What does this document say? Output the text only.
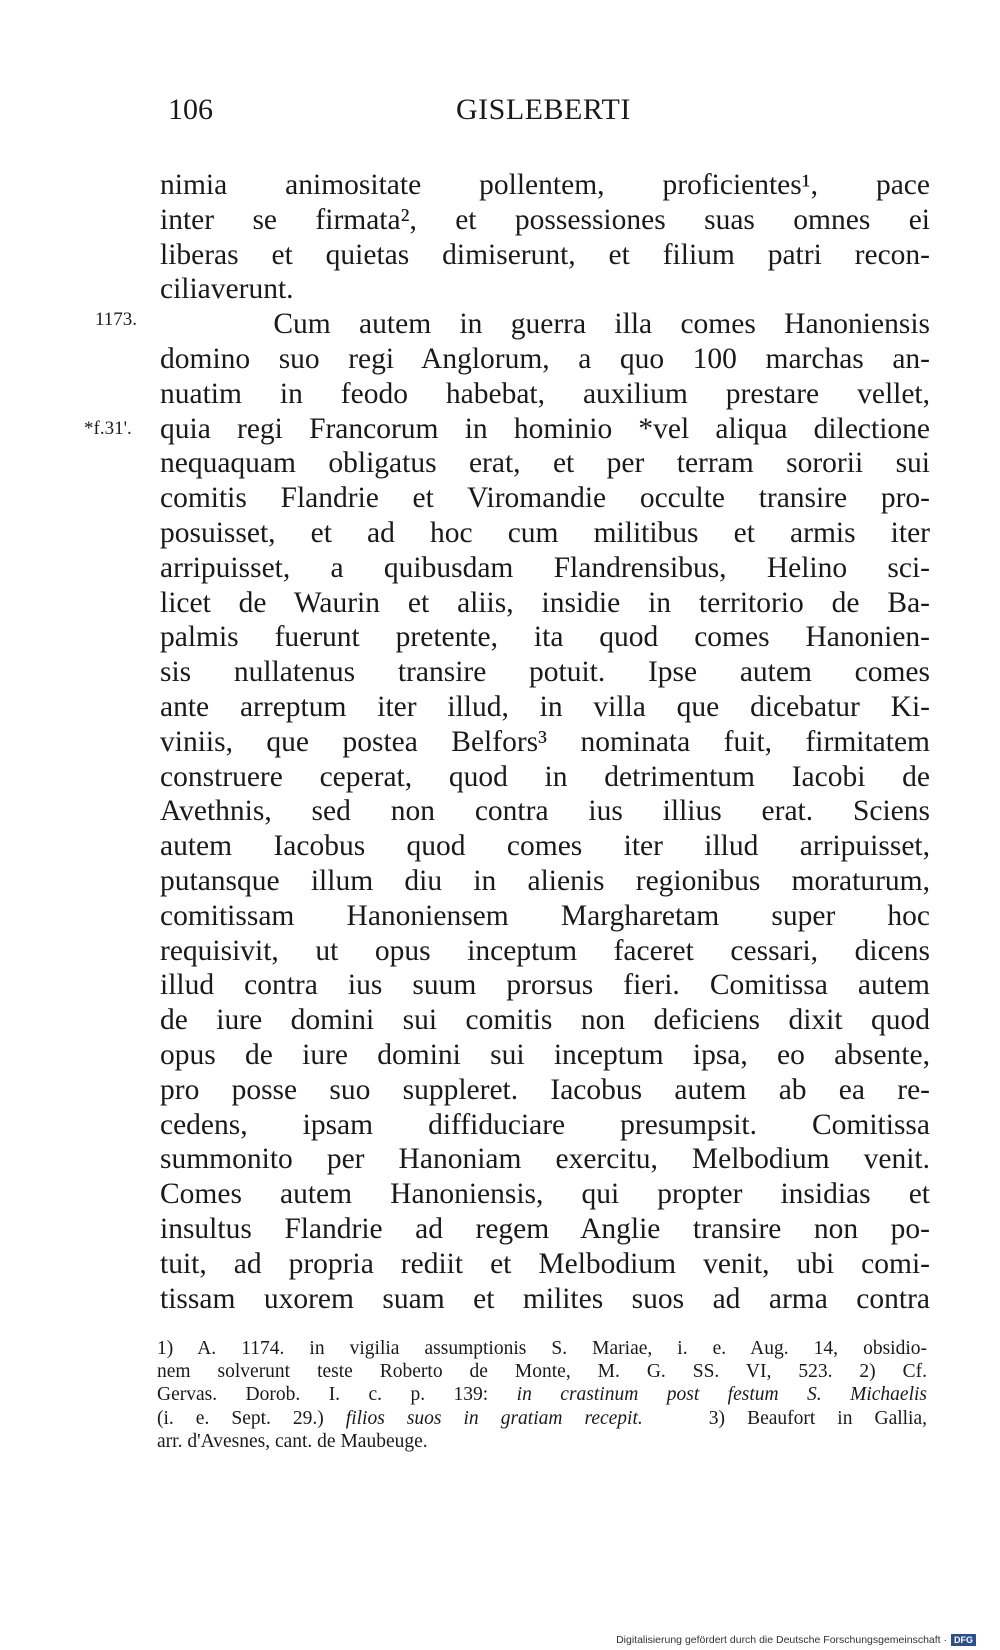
106	GISLEBERTI
1173.
*f.31'.
nimia animositate pollentem, proficientes¹, pace
inter se firmata², et possessiones suas omnes ei
liberas et quietas dimiserunt, et filium patri recon-
ciliaverunt.
Cum autem in guerra illa comes Hanoniensis
domino suo regi Anglorum, a quo 100 marchas an-
nuatim in feodo habebat, auxilium prestare vellet,
quia regi Francorum in hominio *vel aliqua dilectione
nequaquam obligatus erat, et per terram sororii sui
comitis Flandrie et Viromandie occulte transire pro-
posuisset, et ad hoc cum militibus et armis iter
arripuisset, a quibusdam Flandrensibus, Helino sci-
licet de Waurin et aliis, insidie in territorio de Ba-
palmis fuerunt pretente, ita quod comes Hanonien-
sis nullatenus transire potuit. Ipse autem comes
ante arreptum iter illud, in villa que dicebatur Ki-
viniis, que postea Belfors³ nominata fuit, firmitatem
construere ceperat, quod in detrimentum Iacobi de
Avethnis, sed non contra ius illius erat. Sciens
autem Iacobus quod comes iter illud arripuisset,
putansque illum diu in alienis regionibus moraturum,
comitissam Hanoniensem Margharetam super hoc
requisivit, ut opus inceptum faceret cessari, dicens
illud contra ius suum prorsus fieri. Comitissa autem
de iure domini sui comitis non deficiens dixit quod
opus de iure domini sui inceptum ipsa, eo absente,
pro posse suo suppleret. Iacobus autem ab ea re-
cedens, ipsam diffiduciare presumpsit. Comitissa
summonito per Hanoniam exercitu, Melbodium venit.
Comes autem Hanoniensis, qui propter insidias et
insultus Flandrie ad regem Anglie transire non po-
tuit, ad propria rediit et Melbodium venit, ubi comi-
tissam uxorem suam et milites suos ad arma contra
1) A. 1174. in vigilia assumptionis S. Mariae, i. e. Aug. 14, obsidio-
nem solverunt teste Roberto de Monte, M. G. SS. VI, 523. 2) Cf.
Gervas. Dorob. I. c. p. 139: in crastinum post festum S. Michaelis
(i. e. Sept. 29.) filios suos in gratiam recepit.   3) Beaufort in Gallia,
arr. d'Avesnes, cant. de Maubeuge.
Digitalisierung gefördert durch die Deutsche Forschungsgemeinschaft · DFG
